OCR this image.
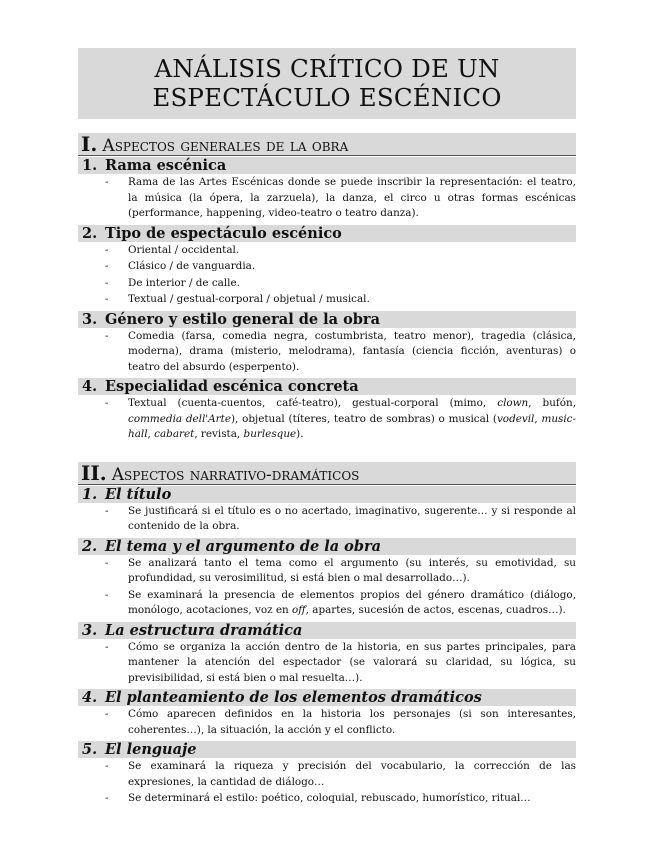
ANÁLISIS CRÍTICO DE UN
ESPECTÁCULO ESCÉNICO
I. Aspectos generales de la obra
1. Rama escénica
- Rama de las Artes Escénicas donde se puede inscribir la representación: el teatro, la música (la ópera, la zarzuela), la danza, el circo u otras formas escénicas (performance, happening, video-teatro o teatro danza).
2. Tipo de espectáculo escénico
- Oriental / occidental.
- Clásico / de vanguardia.
- De interior / de calle.
- Textual / gestual-corporal / objetual / musical.
3. Género y estilo general de la obra
- Comedia (farsa, comedia negra, costumbrista, teatro menor), tragedia (clásica, moderna), drama (misterio, melodrama), fantasía (ciencia ficción, aventuras) o teatro del absurdo (esperpento).
4. Especialidad escénica concreta
- Textual (cuenta-cuentos, café-teatro), gestual-corporal (mimo, clown, bufón, commedia dell'Arte), objetual (títeres, teatro de sombras) o musical (vodevil, music-hall, cabaret, revista, burlesque).
II. Aspectos narrativo-dramáticos
1. El título
- Se justificará si el título es o no acertado, imaginativo, sugerente… y si responde al contenido de la obra.
2. El tema y el argumento de la obra
- Se analizará tanto el tema como el argumento (su interés, su emotividad, su profundidad, su verosimilitud, si está bien o mal desarrollado…).
- Se examinará la presencia de elementos propios del género dramático (diálogo, monólogo, acotaciones, voz en off, apartes, sucesión de actos, escenas, cuadros…).
3. La estructura dramática
- Cómo se organiza la acción dentro de la historia, en sus partes principales, para mantener la atención del espectador (se valorará su claridad, su lógica, su previsibilidad, si está bien o mal resuelta…).
4. El planteamiento de los elementos dramáticos
- Cómo aparecen definidos en la historia los personajes (si son interesantes, coherentes…), la situación, la acción y el conflicto.
5. El lenguaje
- Se examinará la riqueza y precisión del vocabulario, la corrección de las expresiones, la cantidad de diálogo…
- Se determinará el estilo: poético, coloquial, rebuscado, humorístico, ritual…
